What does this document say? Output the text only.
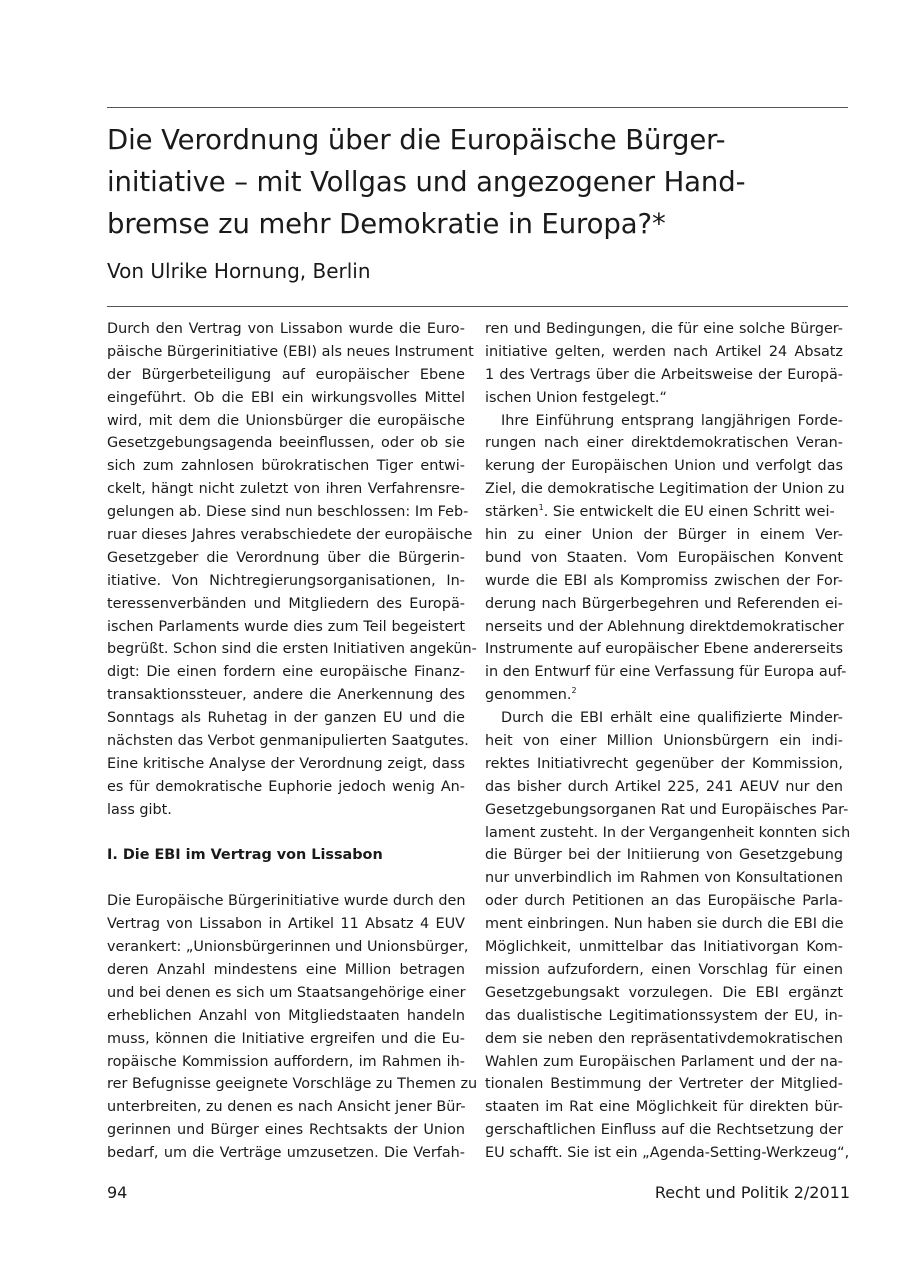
Die Verordnung über die Europäische Bürger-
initiative – mit Vollgas und angezogener Hand-
bremse zu mehr Demokratie in Europa?*

Von Ulrike Hornung, Berlin

Durch den Vertrag von Lissabon wurde die Euro-
päische Bürgerinitiative (EBI) als neues Instrument
der Bürgerbeteiligung auf europäischer Ebene
eingeführt. Ob die EBI ein wirkungsvolles Mittel
wird, mit dem die Unionsbürger die europäische
Gesetzgebungsagenda beeinflussen, oder ob sie
sich zum zahnlosen bürokratischen Tiger entwi-
ckelt, hängt nicht zuletzt von ihren Verfahrensre-
gelungen ab. Diese sind nun beschlossen: Im Feb-
ruar dieses Jahres verabschiedete der europäische
Gesetzgeber die Verordnung über die Bürgerin-
itiative. Von Nichtregierungsorganisationen, In-
teressenverbänden und Mitgliedern des Europä-
ischen Parlaments wurde dies zum Teil begeistert
begrüßt. Schon sind die ersten Initiativen angekün-
digt: Die einen fordern eine europäische Finanz-
transaktionssteuer, andere die Anerkennung des
Sonntags als Ruhetag in der ganzen EU und die
nächsten das Verbot genmanipulierten Saatgutes.
Eine kritische Analyse der Verordnung zeigt, dass
es für demokratische Euphorie jedoch wenig An-
lass gibt.
I. Die EBI im Vertrag von Lissabon
Die Europäische Bürgerinitiative wurde durch den
Vertrag von Lissabon in Artikel 11 Absatz 4 EUV
verankert: „Unionsbürgerinnen und Unionsbürger,
deren Anzahl mindestens eine Million betragen
und bei denen es sich um Staatsangehörige einer
erheblichen Anzahl von Mitgliedstaaten handeln
muss, können die Initiative ergreifen und die Eu-
ropäische Kommission auffordern, im Rahmen ih-
rer Befugnisse geeignete Vorschläge zu Themen zu
unterbreiten, zu denen es nach Ansicht jener Bür-
gerinnen und Bürger eines Rechtsakts der Union
bedarf, um die Verträge umzusetzen. Die Verfah-
ren und Bedingungen, die für eine solche Bürger-
initiative gelten, werden nach Artikel 24 Absatz
1 des Vertrags über die Arbeitsweise der Europä-
ischen Union festgelegt.“
Ihre Einführung entsprang langjährigen Forde-
rungen nach einer direktdemokratischen Veran-
kerung der Europäischen Union und verfolgt das
Ziel, die demokratische Legitimation der Union zu
stärken$^1$. Sie entwickelt die EU einen Schritt wei-
hin zu einer Union der Bürger in einem Ver-
bund von Staaten. Vom Europäischen Konvent
wurde die EBI als Kompromiss zwischen der For-
derung nach Bürgerbegehren und Referenden ei-
nerseits und der Ablehnung direktdemokratischer
Instrumente auf europäischer Ebene andererseits
in den Entwurf für eine Verfassung für Europa auf-
genommen.$^2$
Durch die EBI erhält eine qualifizierte Minder-
heit von einer Million Unionsbürgern ein indi-
rektes Initiativrecht gegenüber der Kommission,
das bisher durch Artikel 225, 241 AEUV nur den
Gesetzgebungsorganen Rat und Europäisches Par-
lament zusteht. In der Vergangenheit konnten sich
die Bürger bei der Initiierung von Gesetzgebung
nur unverbindlich im Rahmen von Konsultationen
oder durch Petitionen an das Europäische Parla-
ment einbringen. Nun haben sie durch die EBI die
Möglichkeit, unmittelbar das Initiativorgan Kom-
mission aufzufordern, einen Vorschlag für einen
Gesetzgebungsakt vorzulegen. Die EBI ergänzt
das dualistische Legitimationssystem der EU, in-
dem sie neben den repräsentativdemokratischen
Wahlen zum Europäischen Parlament und der na-
tionalen Bestimmung der Vertreter der Mitglied-
staaten im Rat eine Möglichkeit für direkten bür-
gerschaftlichen Einfluss auf die Rechtsetzung der
EU schafft. Sie ist ein „Agenda-Setting-Werkzeug“,
94	Recht und Politik 2/2011
